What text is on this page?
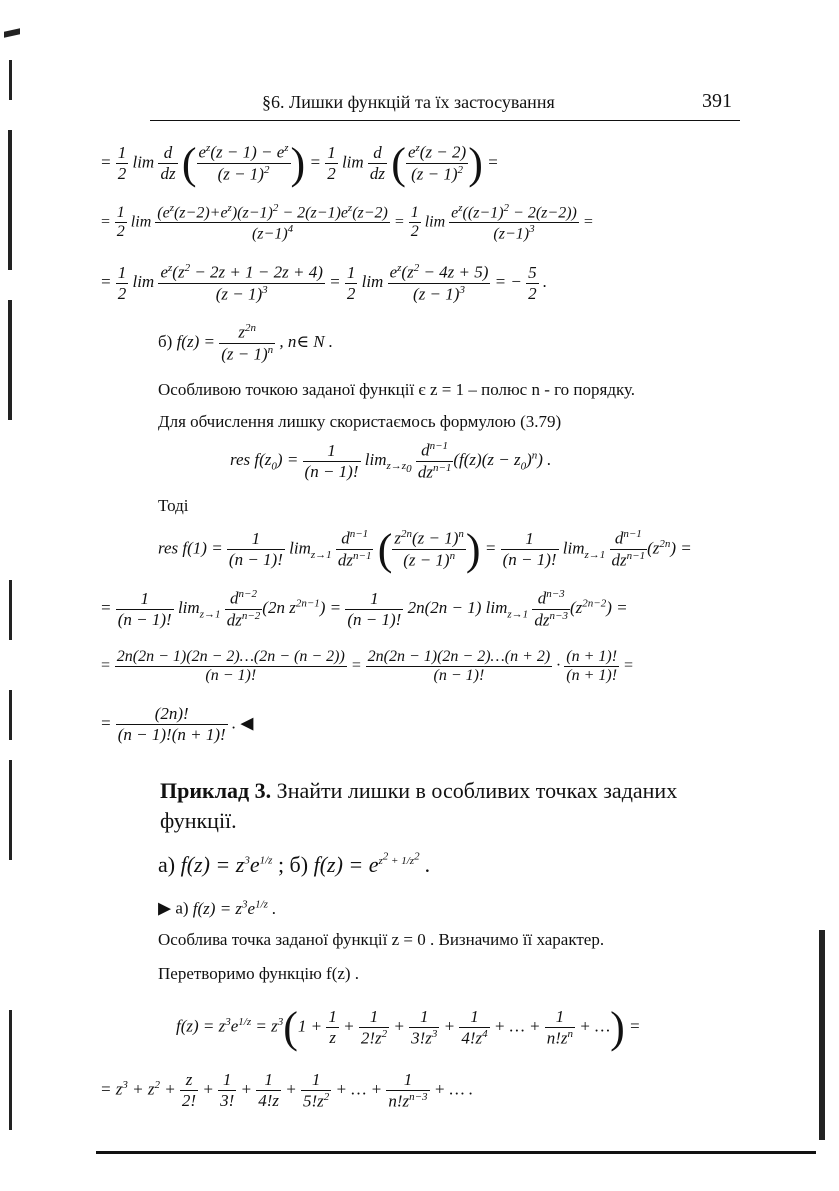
§6. Лишки функцій та їх застосування	391
= $\frac{1}{2}$ $\lim \frac{d}{dz}$ ( $\frac{e^z(z - 1) - e^z}{(z - 1)^2}$ ) = $\frac{1}{2}$ $\lim \frac{d}{dz}$ ( $\frac{e^z(z - 2)}{(z - 1)^2}$ ) =
= $\frac{1}{2}$ $\lim \frac{(e^z(z-2)+e^z)(z-1)^2 - 2(z-1)e^z(z-2)}{(z-1)^4} = \frac{1}{2}$ $\lim \frac{e^z((z-1)^2 - 2(z-2))}{(z-1)^3}$ =
= $\frac{1}{2}$ $\lim \frac{e^z(z^2 - 2z + 1 - 2z + 4)}{(z - 1)^3} = \frac{1}{2}$ $\lim \frac{e^z(z^2 - 4z + 5)}{(z - 1)^3}$ = − $\frac{5}{2}$ .
б) $f(z) = \frac{z^{2n}}{(z - 1)^n}$ , n∈ N .
Особливою точкою заданої функції є z = 1 – полюс n - го порядку.
Для обчислення лишку скористаємось формулою (3.79)
res $f(z_0) = \frac{1}{(n - 1)!} \lim_{z\to z_0}$
$d^{n-1}$
$dz^{n-1}$ $(f(z)(z - z_0)^n)$ .
Тоді
res $f(1) = \frac{1}{(n - 1)!} \lim_{z\to 1}$
$d^{n-1}$
$dz^{n-1}$ ( $\frac{z^{2n}(z - 1)^n}{(z - 1)^n}$ ) = $\frac{1}{(n - 1)!} \lim_{z\to 1}$
$d^{n-1}$
$dz^{n-1}$ $(z^{2n})$ =
= $\frac{1}{(n - 1)!} \lim_{z\to 1}$
$d^{n-2}$
$dz^{n-2}$ (2n $z^{2n-1}) = \frac{1}{(n - 1)!} 2n(2n - 1)$ $\lim_{z\to 1}$
$d^{n-3}$
$dz^{n-3}$ $(z^{2n-2})$ =
= $\frac{2n(2n - 1)(2n - 2)\dots(2n - (n - 2))}{(n - 1)!} = \frac{2n(2n - 1)(2n - 2)\dots(n + 2)}{(n - 1)!} \cdot \frac{(n + 1)!}{(n + 1)!}$ =
= $\frac{(2n)!}{(n - 1)!(n + 1)!}$ . ◀
Приклад 3. Знайти лишки в особливих точках заданих функції.
а) $f(z) = z^3e^{1/z}$ ; б) $f(z) = e^{z^2 + 1/z^2}$ .
▶ а) $f(z) = z^3e^{1/z}$ .
Особлива точка заданої функції z = 0 . Визначимо її характер.
Перетворимо функцію f(z) .
$f(z) = z^3e^{1/z} = z^3(1 + \frac{1}{z} + \frac{1}{2!z^2} + \frac{1}{3!z^3} + \frac{1}{4!z^4}$ + … + $\frac{1}{n!z^n}$ + …) =
= $z^3 + z^2 + \frac{z}{2!} + \frac{1}{3!} + \frac{1}{4!z} + \frac{1}{5!z^2}$ + … + $\frac{1}{n!z^{n-3}}$ + … .
